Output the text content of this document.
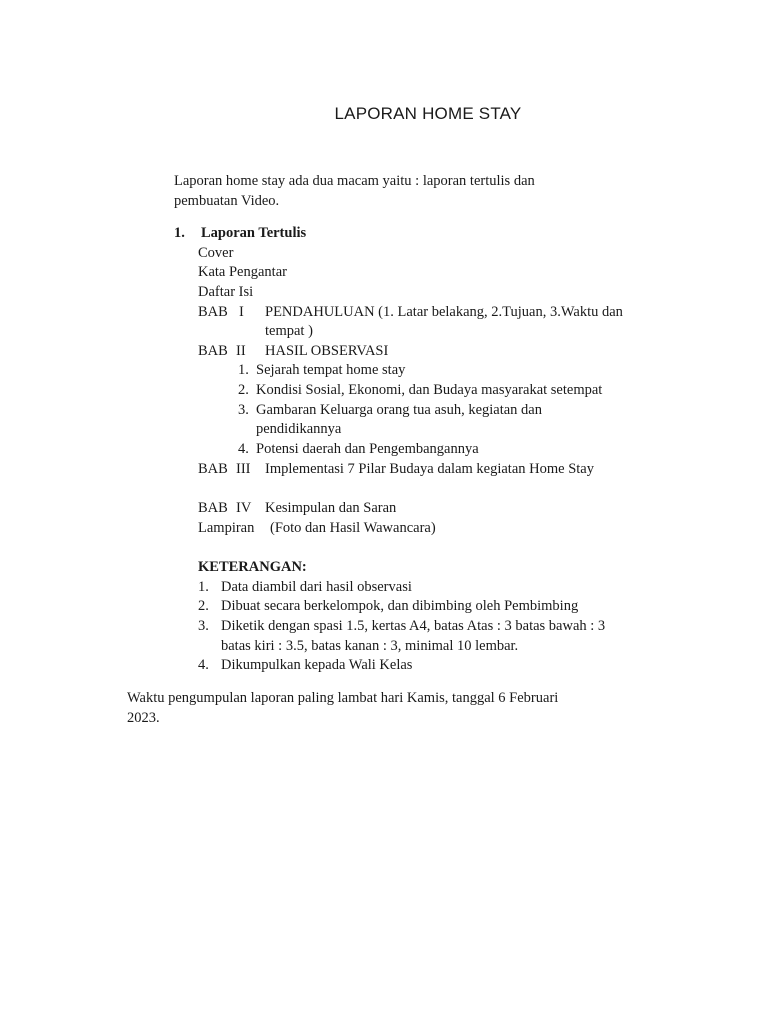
LAPORAN HOME STAY
Laporan home stay ada dua macam yaitu : laporan tertulis dan
pembuatan Video.
1. Laporan Tertulis
Cover
Kata Pengantar
Daftar Isi
BAB I PENDAHULUAN (1. Latar belakang, 2.Tujuan, 3.Waktu dan
tempat )
BAB II HASIL OBSERVASI
1. Sejarah tempat home stay
2. Kondisi Sosial, Ekonomi, dan Budaya masyarakat setempat
3. Gambaran Keluarga orang tua asuh, kegiatan dan
pendidikannya
4. Potensi daerah dan Pengembangannya
BAB III Implementasi 7 Pilar Budaya dalam kegiatan Home Stay
BAB IV Kesimpulan dan Saran
Lampiran (Foto dan Hasil Wawancara)
KETERANGAN:
1. Data diambil dari hasil observasi
2. Dibuat secara berkelompok, dan dibimbing oleh Pembimbing
3. Diketik dengan spasi 1.5, kertas A4, batas Atas : 3 batas bawah : 3
batas kiri : 3.5, batas kanan : 3, minimal 10 lembar.
4. Dikumpulkan kepada Wali Kelas
Waktu pengumpulan laporan paling lambat hari Kamis, tanggal 6 Februari
2023.
